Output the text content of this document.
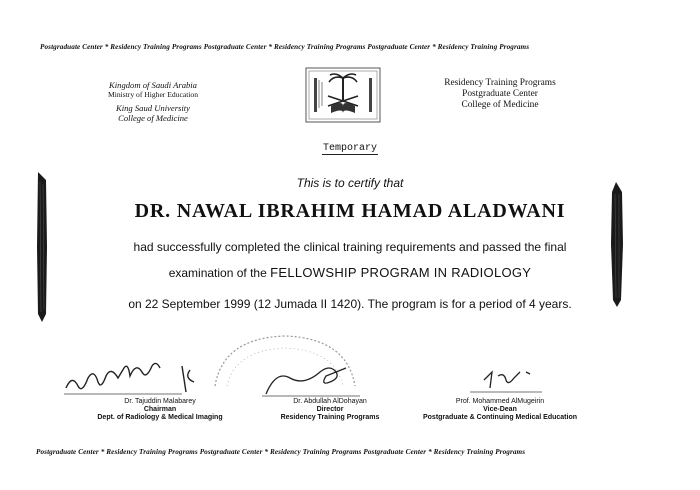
Postgraduate Center * Residency Training Programs Postgraduate Center * Residency Training Programs Postgraduate Center * Residency Training Programs
Kingdom of Saudi Arabia
Ministry of Higher Education
King Saud University
College of Medicine
Residency Training Programs
Postgraduate Center
College of Medicine
Temporary
This is to certify that
DR. NAWAL IBRAHIM HAMAD ALADWANI
had successfully completed the clinical training requirements and passed the final
examination of the FELLOWSHIP PROGRAM IN RADIOLOGY
on 22 September 1999 (12 Jumada II 1420). The program is for a period of 4 years.
Dr. Tajuddin Malabarey
Chairman
Dept. of Radiology & Medical Imaging
Dr. Abdullah AlDohayan
Director
Residency Training Programs
Prof. Mohammed AlMugeirin
Vice-Dean
Postgraduate & Continuing Medical Education
Postgraduate Center * Residency Training Programs Postgraduate Center * Residency Training Programs Postgraduate Center * Residency Training Programs
